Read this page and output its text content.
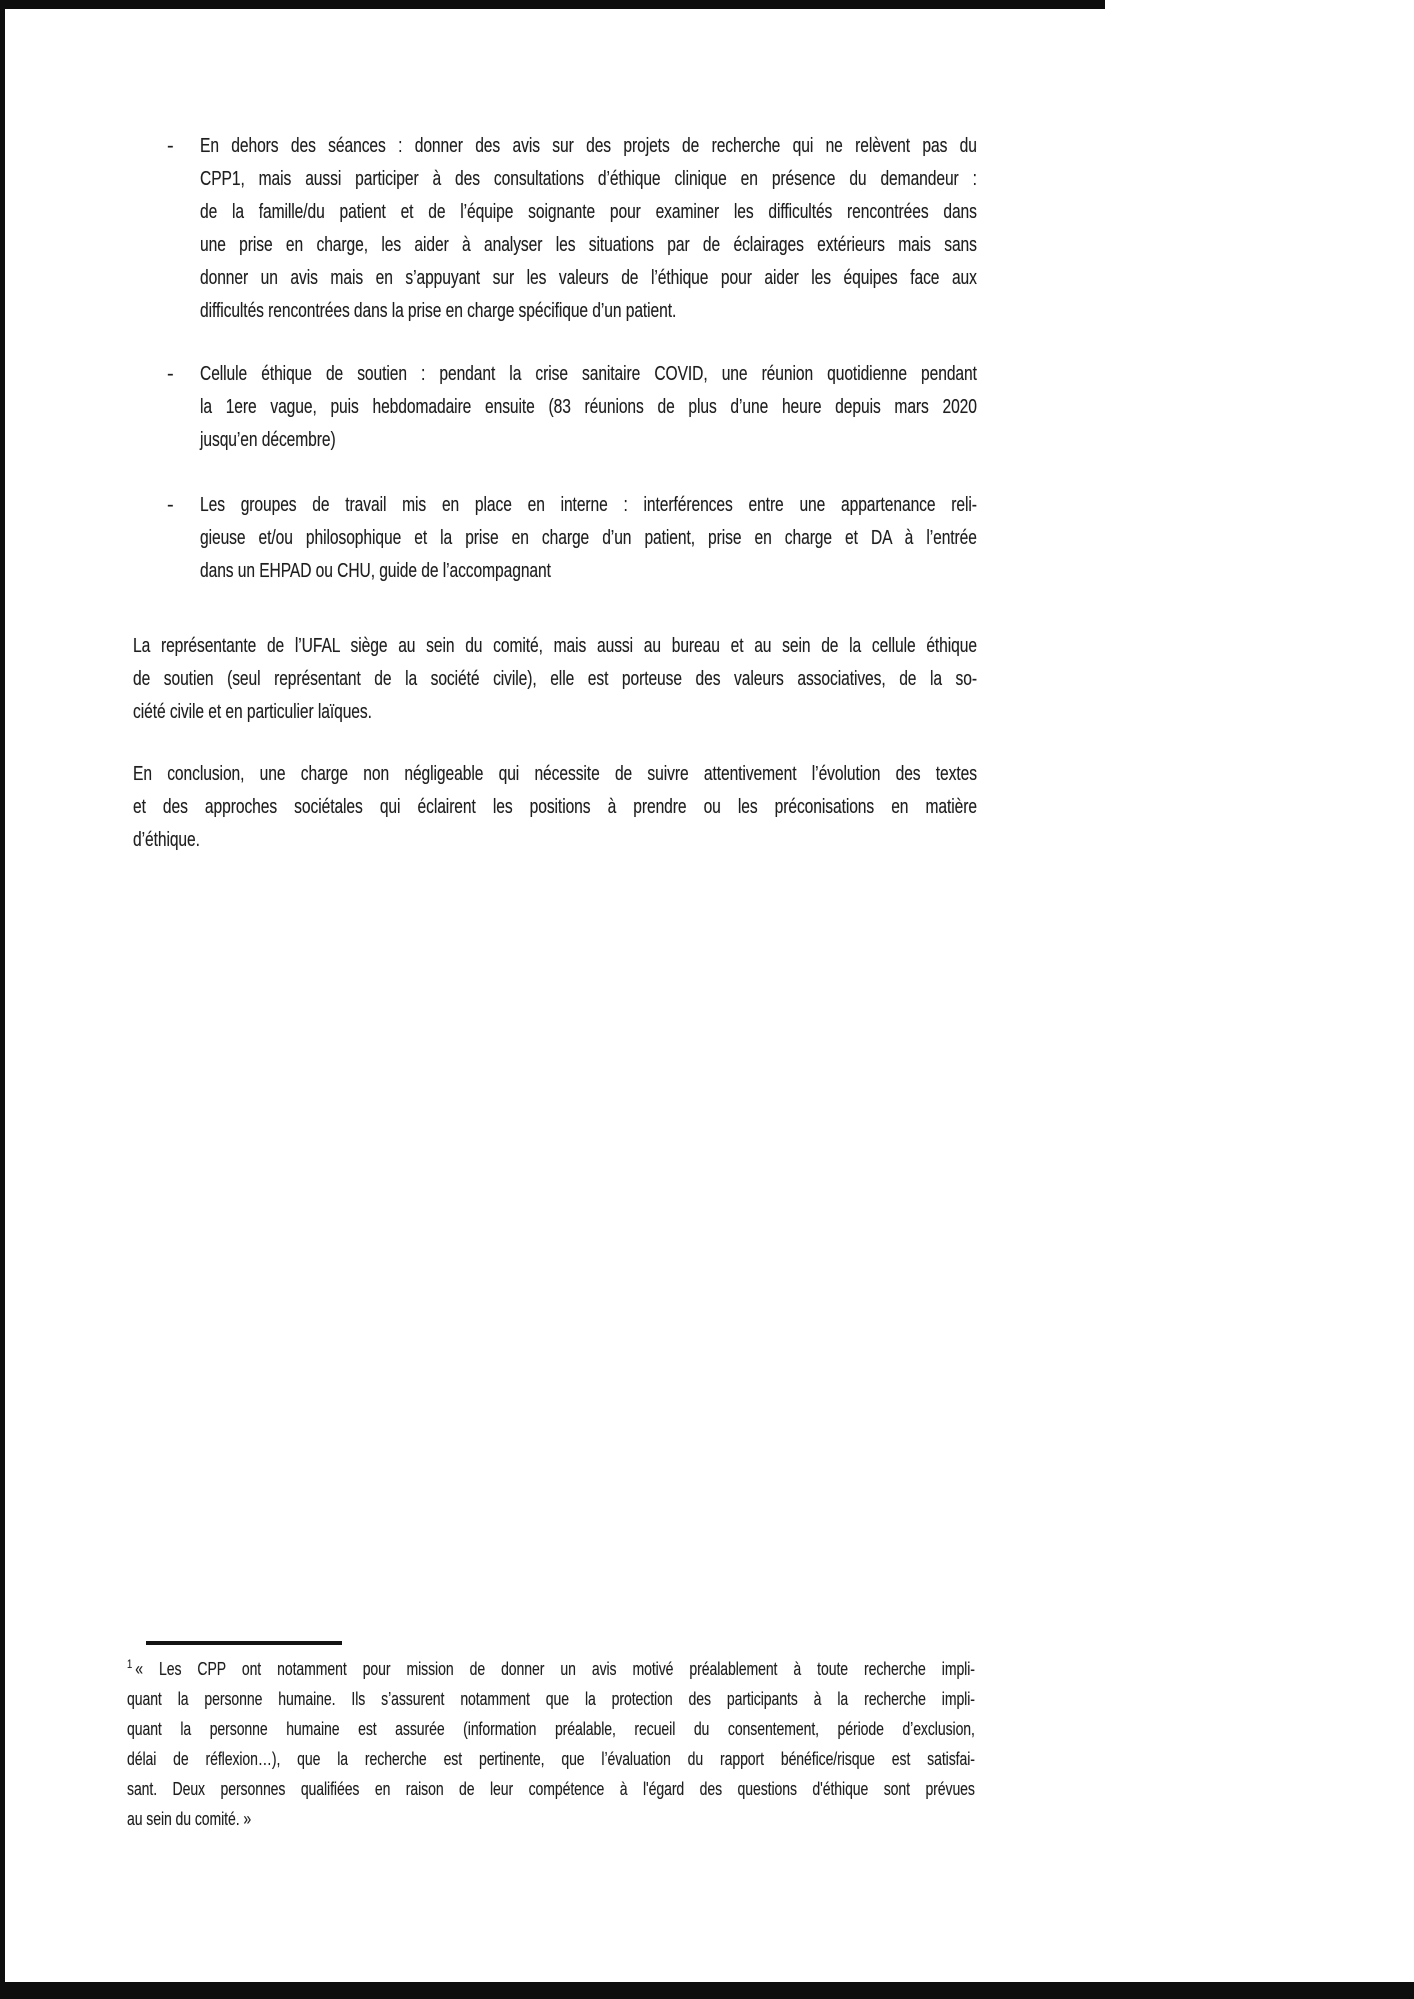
-	En dehors des séances : donner des avis sur des projets de recherche qui ne relèvent pas du
CPP1, mais aussi participer à des consultations d’éthique clinique en présence du demandeur :
de la famille/du patient et de l’équipe soignante pour examiner les difficultés rencontrées dans
une prise en charge, les aider à analyser les situations par de éclairages extérieurs mais sans
donner un avis mais en s’appuyant sur les valeurs de l’éthique pour aider les équipes face aux
difficultés rencontrées dans la prise en charge spécifique d’un patient.
-	Cellule éthique de soutien : pendant la crise sanitaire COVID, une réunion quotidienne pendant
la 1ere vague, puis hebdomadaire ensuite (83 réunions de plus d’une heure depuis mars 2020
jusqu’en décembre)
-	Les groupes de travail mis en place en interne : interférences entre une appartenance reli-
gieuse et/ou philosophique et la prise en charge d’un patient, prise en charge et DA à l’entrée
dans un EHPAD ou CHU, guide de l’accompagnant
La représentante de l’UFAL siège au sein du comité, mais aussi au bureau et au sein de la cellule éthique
de soutien (seul représentant de la société civile), elle est porteuse des valeurs associatives, de la so-
ciété civile et en particulier laïques.
En conclusion, une charge non négligeable qui nécessite de suivre attentivement l’évolution des textes
et des approches sociétales qui éclairent les positions à prendre ou les préconisations en matière
d’éthique.
$^1$ « Les CPP ont notamment pour mission de donner un avis motivé préalablement à toute recherche impli-
quant la personne humaine. Ils s’assurent notamment que la protection des participants à la recherche impli-
quant la personne humaine est assurée (information préalable, recueil du consentement, période d’exclusion,
délai de réflexion…), que la recherche est pertinente, que l’évaluation du rapport bénéfice/risque est satisfai-
sant. Deux personnes qualifiées en raison de leur compétence à l'égard des questions d'éthique sont prévues
au sein du comité. »
